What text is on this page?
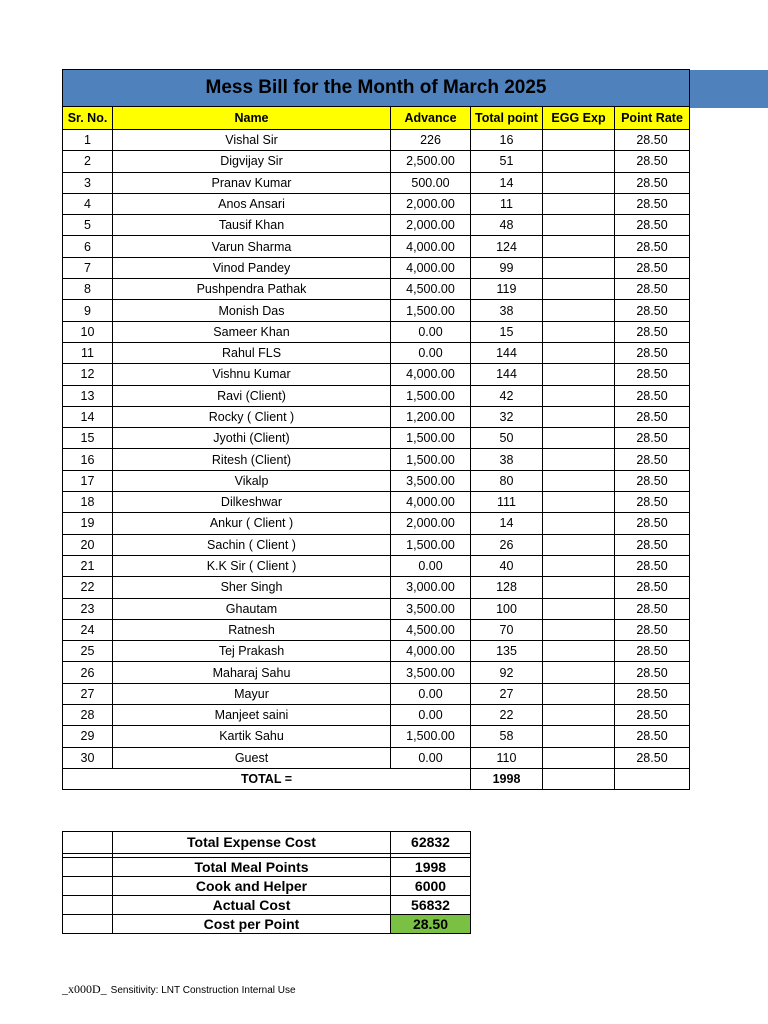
Mess Bill for the Month of March 2025					
Sr. No.	Name	Advance	Total point	EGG Exp	Point Rate
1	Vishal Sir	226	16		28.50
2	Digvijay Sir	2,500.00	51		28.50
3	Pranav Kumar	500.00	14		28.50
4	Anos Ansari	2,000.00	11		28.50
5	Tausif Khan	2,000.00	48		28.50
6	Varun Sharma	4,000.00	124		28.50
7	Vinod Pandey	4,000.00	99		28.50
8	Pushpendra Pathak	4,500.00	119		28.50
9	Monish Das	1,500.00	38		28.50
10	Sameer Khan	0.00	15		28.50
11	Rahul FLS	0.00	144		28.50
12	Vishnu Kumar	4,000.00	144		28.50
13	Ravi (Client)	1,500.00	42		28.50
14	Rocky ( Client )	1,200.00	32		28.50
15	Jyothi (Client)	1,500.00	50		28.50
16	Ritesh (Client)	1,500.00	38		28.50
17	Vikalp	3,500.00	80		28.50
18	Dilkeshwar	4,000.00	111		28.50
19	Ankur ( Client )	2,000.00	14		28.50
20	Sachin ( Client )	1,500.00	26		28.50
21	K.K Sir ( Client )	0.00	40		28.50
22	Sher Singh	3,000.00	128		28.50
23	Ghautam	3,500.00	100		28.50
24	Ratnesh	4,500.00	70		28.50
25	Tej Prakash	4,000.00	135		28.50
26	Maharaj Sahu	3,500.00	92		28.50
27	Mayur	0.00	27		28.50
28	Manjeet saini	0.00	22		28.50
29	Kartik Sahu	1,500.00	58		28.50
30	Guest	0.00	110		28.50
TOTAL =			1998		
	Total Expense Cost	62832

	Total Meal Points	1998
	Cook and Helper	6000
	Actual Cost	56832
	Cost per Point	28.50
_x000D_ Sensitivity: LNT Construction Internal Use
